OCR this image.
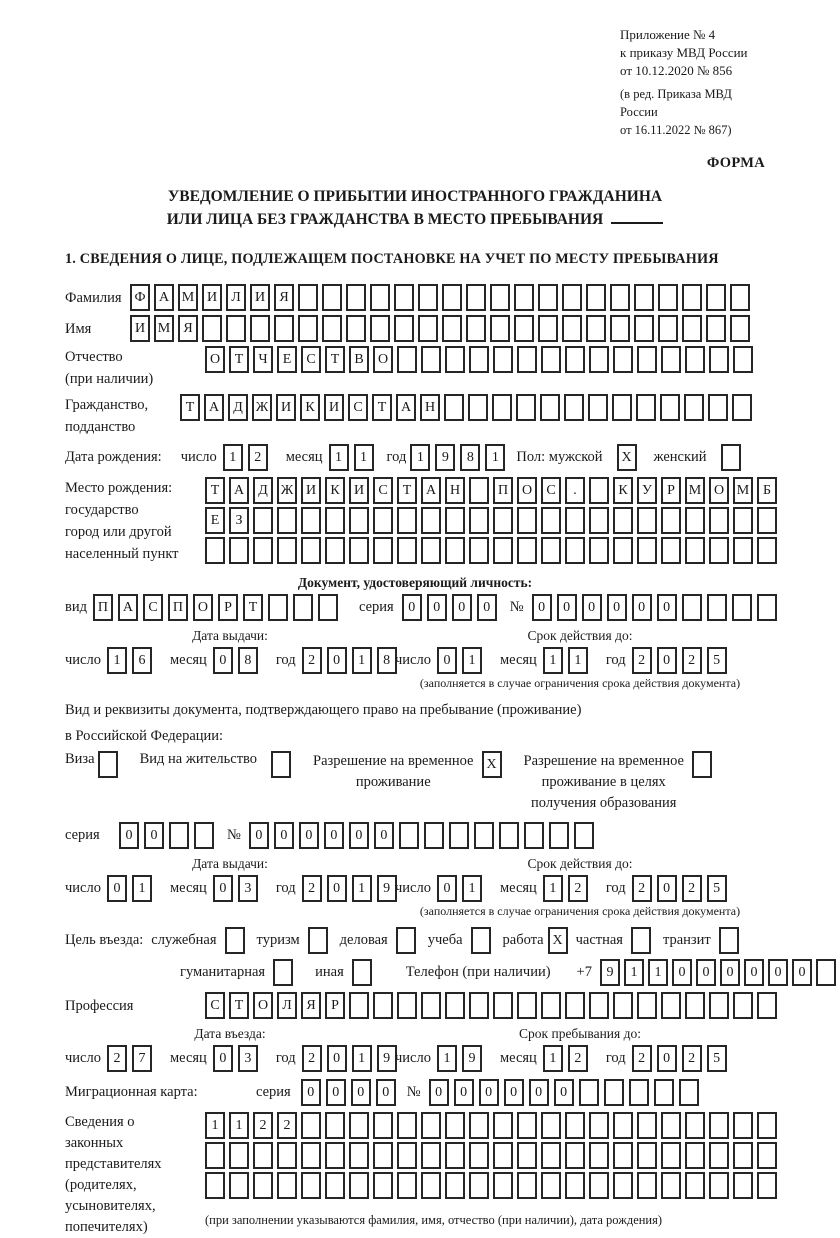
Приложение № 4
к приказу МВД России
от 10.12.2020 № 856
(в ред. Приказа МВД России
от 16.11.2022 № 867)
ФОРМА
УВЕДОМЛЕНИЕ О ПРИБЫТИИ ИНОСТРАННОГО ГРАЖДАНИНА
ИЛИ ЛИЦА БЕЗ ГРАЖДАНСТВА В МЕСТО ПРЕБЫВАНИЯ
1. СВЕДЕНИЯ О ЛИЦЕ, ПОДЛЕЖАЩЕМ ПОСТАНОВКЕ НА УЧЕТ ПО МЕСТУ ПРЕБЫВАНИЯ
Фамилия Ф А М И	Л	И	Я
Имя	И М Я
Отчество
(при наличии)
О	Т	Ч	Е	С	Т	В	О
Гражданство,
подданство
Т	А	Д Ж И	К	И	С	Т	А Н
Дата рождения: число 1	2	месяц 1	1	год 1	9	8	1	Пол: мужской	X	женский
Место рождения:
государство
город или другой
населенный пункт
Т	А	Д Ж И	К	И	С	Т	А Н	П О	С	.	К	У	Р М О М Б
Е	З
Документ, удостоверяющий личность:
вид П	А	С	П	О	Р	Т	серия	0	0	0	0	№	0	0	0	0	0	0
Дата выдачи:
число 1	6	месяц 0	8	год 2	0	1	8
Срок действия до:
число 0	1	месяц 1	1	год 2	0	2	5
(заполняется в случае ограничения срока действия документа)
Вид и реквизиты документа, подтверждающего право на пребывание (проживание)
в Российской Федерации:
Виза	Вид на жительство	Разрешение на временное
проживание
X	Разрешение на временное
проживание в целях
получения образования
серия	0	0	№	0	0	0	0	0	0
Дата выдачи:
число 0	1	месяц 0	3	год 2	0	1	9
Срок действия до:
число 0	1	месяц 1	2	год 2	0	2	5
(заполняется в случае ограничения срока действия документа)
Цель въезда: служебная	туризм	деловая	учеба	работа X частная	транзит
гуманитарная	иная	Телефон (при наличии) +7	9	1	1	0	0	0	0	0	0
Профессия	С	Т	О	Л	Я	Р
Дата въезда:
число 2	7	месяц 0	3	год 2	0	1	9
Срок пребывания до:
число 1	9	месяц 1	2	год 2	0	2	5
Миграционная карта:	серия	0	0	0	0	№	0	0	0	0	0	0
Сведения о
законных
представителях
(родителях,
усыновителях,
попечителях)
1	1	2	2
(при заполнении указываются фамилия, имя, отчество (при наличии), дата рождения)
